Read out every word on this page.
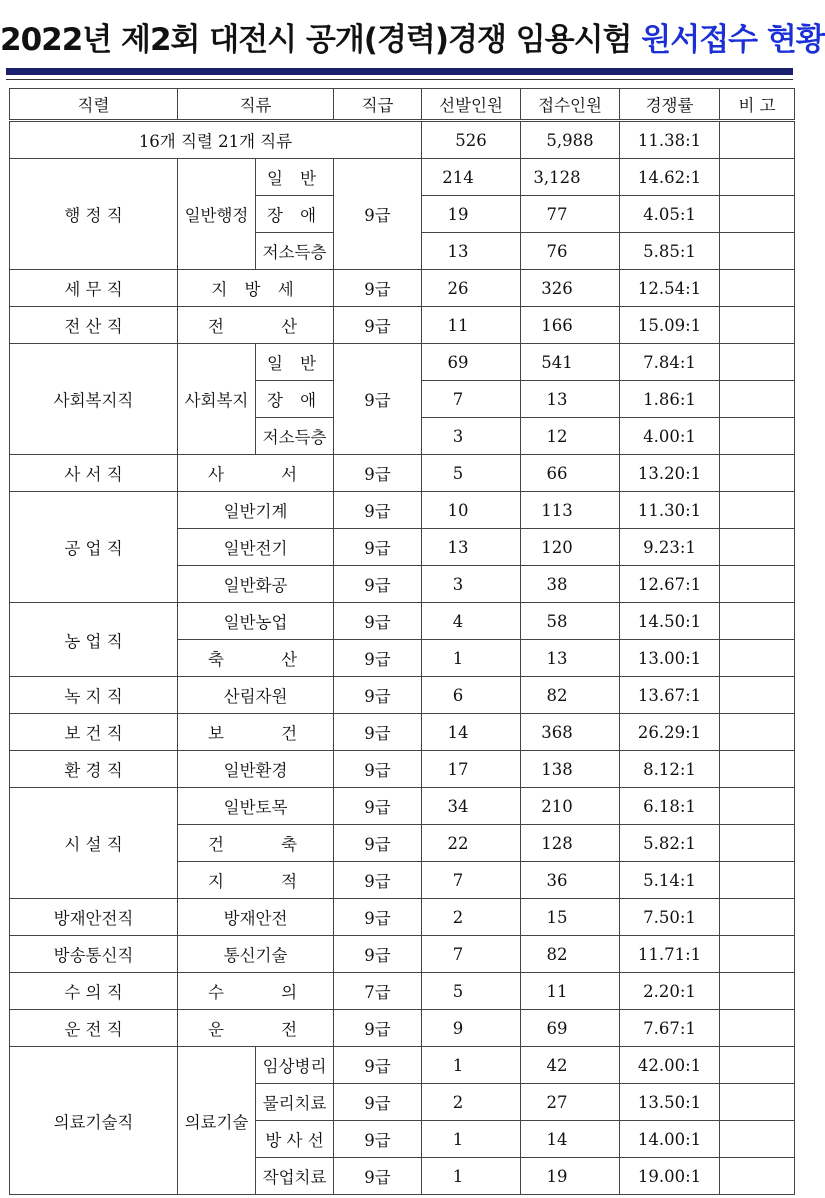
2022년 제2회 대전시 공개(경력)경쟁 임용시험 원서접수 현황
직렬	직류		직급	선발인원	접수인원	경쟁률	비 고
16개 직렬 21개 직류				526	5,988	11.38:1	
행 정 직	일반행정	일 반	9급	214	3,128	14.62:1	
		장 애		19	77	4.05:1	
		저소득층		13	76	5.85:1	
세 무 직	지 방 세		9급	26	326	12.54:1	
전 산 직	전 산		9급	11	166	15.09:1	
사회복지직	사회복지	일 반	9급	69	541	7.84:1	
		장 애		7	13	1.86:1	
		저소득층		3	12	4.00:1	
사 서 직	사 서		9급	5	66	13.20:1	
공 업 직	일반기계		9급	10	113	11.30:1	
	일반전기		9급	13	120	9.23:1	
	일반화공		9급	3	38	12.67:1	
농 업 직	일반농업		9급	4	58	14.50:1	
	축 산		9급	1	13	13.00:1	
녹 지 직	산림자원		9급	6	82	13.67:1	
보 건 직	보 건		9급	14	368	26.29:1	
환 경 직	일반환경		9급	17	138	8.12:1	
시 설 직	일반토목		9급	34	210	6.18:1	
	건 축		9급	22	128	5.82:1	
	지 적		9급	7	36	5.14:1	
방재안전직	방재안전		9급	2	15	7.50:1	
방송통신직	통신기술		9급	7	82	11.71:1	
수 의 직	수 의		7급	5	11	2.20:1	
운 전 직	운 전		9급	9	69	7.67:1	
의료기술직	의료기술	임상병리	9급	1	42	42.00:1	
		물리치료	9급	2	27	13.50:1	
		방 사 선	9급	1	14	14.00:1	
		작업치료	9급	1	19	19.00:1	
